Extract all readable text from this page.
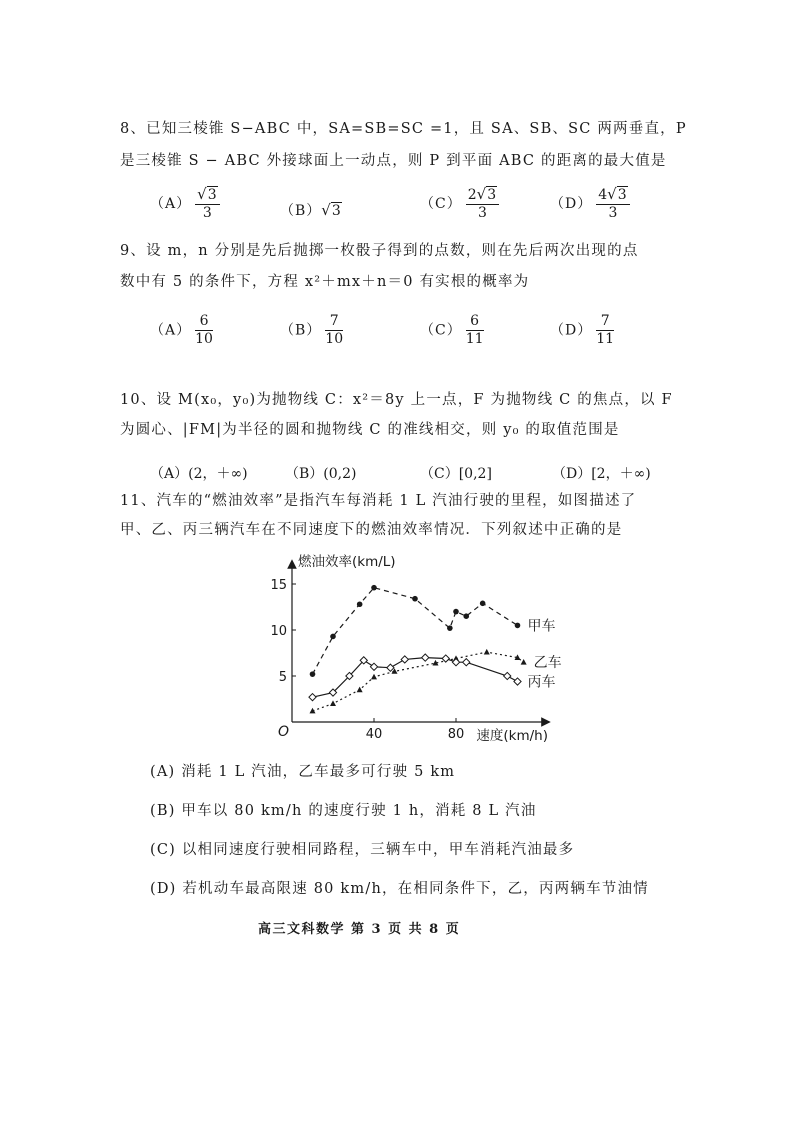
8、已知三棱锥 S−ABC 中，SA=SB=SC =1，且 SA、SB、SC 两两垂直，P
是三棱锥 S − ABC 外接球面上一动点，则 P 到平面 ABC 的距离的最大值是
$(A) \frac{√3}{3}$	（B）√3	$(C) \frac{2√3}{3}$	$(D) \frac{4√3}{3}$
9、设 m，n 分别是先后抛掷一枚骰子得到的点数，则在先后两次出现的点
数中有 5 的条件下，方程 x²＋mx＋n＝0 有实根的概率为
$(A) \frac{6}{10}$	$(B) \frac{7}{10}$	$(C) \frac{6}{11}$	$(D) \frac{7}{11}$
10、设 M(x₀，y₀)为抛物线 C：x²＝8y 上一点，F 为抛物线 C 的焦点，以 F
为圆心、|FM|为半径的圆和抛物线 C 的准线相交，则 y₀ 的取值范围是
（A）(2，＋∞)	（B）(0,2)	（C）[0,2]	（D）[2，＋∞)
11、汽车的“燃油效率”是指汽车每消耗 1 L 汽油行驶的里程，如图描述了
甲、乙、丙三辆汽车在不同速度下的燃油效率情况．下列叙述中正确的是
甲车
乙车
丙车
5
10
15
40	80
O
燃油效率(km/L)
速度(km/h)
(A) 消耗 1 L 汽油，乙车最多可行驶 5 km
(B) 甲车以 80 km/h 的速度行驶 1 h，消耗 8 L 汽油
(C) 以相同速度行驶相同路程，三辆车中，甲车消耗汽油最多
(D) 若机动车最高限速 80 km/h，在相同条件下，乙，丙两辆车节油情
高三文科数学 第 3 页 共 8 页
